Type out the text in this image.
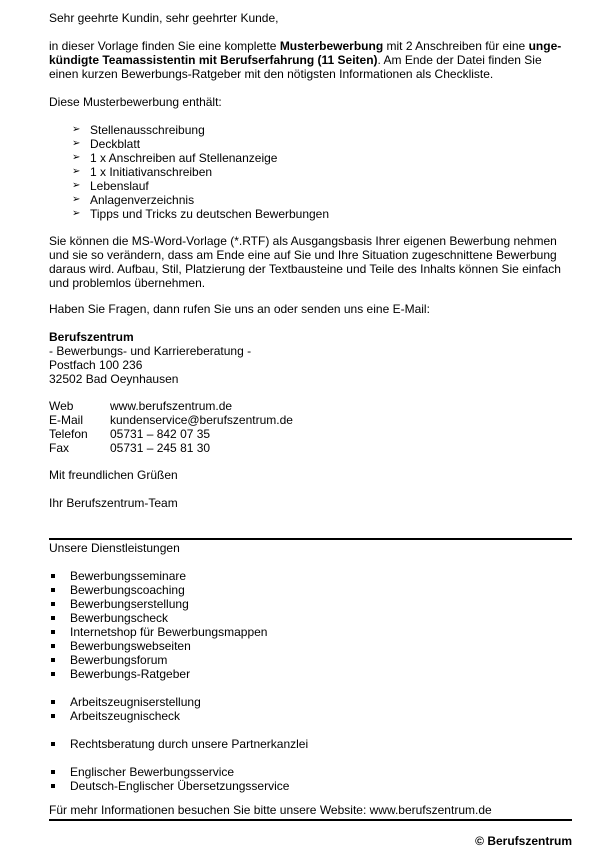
Sehr geehrte Kundin, sehr geehrter Kunde,

in dieser Vorlage finden Sie eine komplette Musterbewerbung mit 2 Anschreiben für eine unge-

kündigte Teamassistentin mit Berufserfahrung (11 Seiten). Am Ende der Datei finden Sie

einen kurzen Bewerbungs-Ratgeber mit den nötigsten Informationen als Checkliste.

Diese Musterbewerbung enthält:

➢ Stellenausschreibung
➢ Deckblatt
➢ 1 x Anschreiben auf Stellenanzeige
➢ 1 x Initiativanschreiben
➢ Lebenslauf
➢ Anlagenverzeichnis
➢ Tipps und Tricks zu deutschen Bewerbungen

Sie können die MS-Word-Vorlage (*.RTF) als Ausgangsbasis Ihrer eigenen Bewerbung nehmen

und sie so verändern, dass am Ende eine auf Sie und Ihre Situation zugeschnittene Bewerbung

daraus wird. Aufbau, Stil, Platzierung der Textbausteine und Teile des Inhalts können Sie einfach

und problemlos übernehmen.

Haben Sie Fragen, dann rufen Sie uns an oder senden uns eine E-Mail:

Berufszentrum

- Bewerbungs- und Karriereberatung -

Postfach 100 236

32502 Bad Oeynhausen

Web	www.berufszentrum.de
E-Mail	kundenservice@berufszentrum.de
Telefon	05731 – 842 07 35
Fax	05731 – 245 81 30

Mit freundlichen Grüßen

Ihr Berufszentrum-Team

Unsere Dienstleistungen

Bewerbungsseminare
Bewerbungscoaching
Bewerbungserstellung
Bewerbungscheck
Internetshop für Bewerbungsmappen
Bewerbungswebseiten
Bewerbungsforum
Bewerbungs-Ratgeber
Arbeitszeugniserstellung
Arbeitszeugnischeck
Rechtsberatung durch unsere Partnerkanzlei
Englischer Bewerbungsservice
Deutsch-Englischer Übersetzungsservice

Für mehr Informationen besuchen Sie bitte unsere Website: www.berufszentrum.de

© Berufszentrum
